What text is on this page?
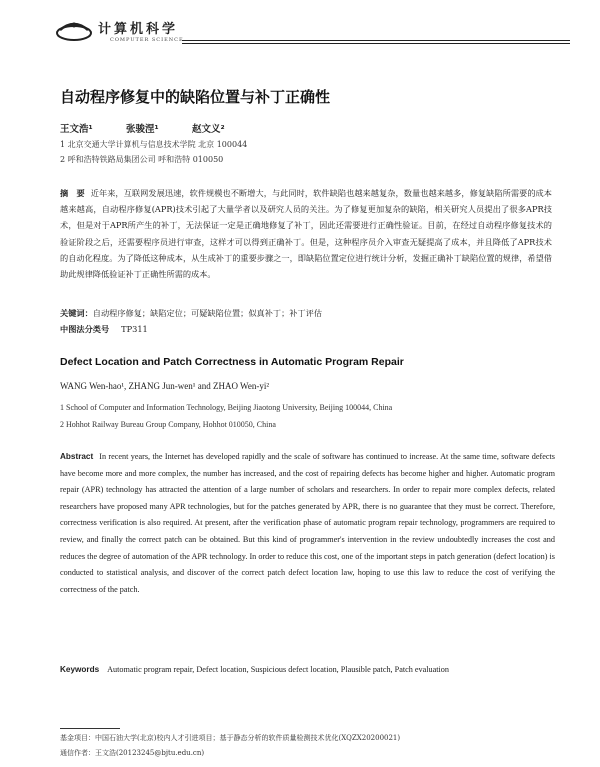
计算机科学
COMPUTER SCIENCE
自动程序修复中的缺陷位置与补丁正确性
王文浩¹	张骏涅¹	赵文义²
1 北京交通大学计算机与信息技术学院 北京 100044
2 呼和浩特铁路局集团公司 呼和浩特 010050
摘　要 近年来，互联网发展迅速，软件规模也不断增大，与此同时，软件缺陷也越来越复杂，数量也越来越多，修复缺陷所需要的成本越来越高，自动程序修复(APR)技术引起了大量学者以及研究人员的关注。为了修复更加复杂的缺陷，相关研究人员提出了很多APR技术，但是对于APR所产生的补丁，无法保证一定是正确地修复了补丁，因此还需要进行正确性验证。目前，在经过自动程序修复技术的验证阶段之后，还需要程序员进行审查，这样才可以得到正确补丁。但是，这种程序员介入审查无疑提高了成本，并且降低了APR技术的自动化程度。为了降低这种成本，从生成补丁的重要步骤之一，即缺陷位置定位进行统计分析，发掘正确补丁缺陷位置的规律，希望借助此规律降低验证补丁正确性所需的成本。
关键词：自动程序修复；缺陷定位；可疑缺陷位置；似真补丁；补丁评估
中图法分类号 TP311
Defect Location and Patch Correctness in Automatic Program Repair
WANG Wen-hao¹, ZHANG Jun-wen¹ and ZHAO Wen-yi²
1 School of Computer and Information Technology, Beijing Jiaotong University, Beijing 100044, China
2 Hohhot Railway Bureau Group Company, Hohhot 010050, China
Abstract In recent years, the Internet has developed rapidly and the scale of software has continued to increase. At the same time, software defects have become more and more complex, the number has increased, and the cost of repairing defects has become higher and higher. Automatic program repair (APR) technology has attracted the attention of a large number of scholars and researchers. In order to repair more complex defects, related researchers have proposed many APR technologies, but for the patches generated by APR, there is no guarantee that they must be correct. Therefore, correctness verification is also required. At present, after the verification phase of automatic program repair technology, programmers are required to review, and finally the correct patch can be obtained. But this kind of programmer's intervention in the review undoubtedly increases the cost and reduces the degree of automation of the APR technology. In order to reduce this cost, one of the important steps in patch generation (defect location) is conducted to statistical analysis, and discover of the correct patch defect location law, hoping to use this law to reduce the cost of verifying the correctness of the patch.
Keywords Automatic program repair, Defect location, Suspicious defect location, Plausible patch, Patch evaluation
基金项目：中国石油大学(北京)校内人才引进项目；基于静态分析的软件质量检测技术优化(XQZX20200021)
通信作者：王文浩(20123245@bjtu.edu.cn)
